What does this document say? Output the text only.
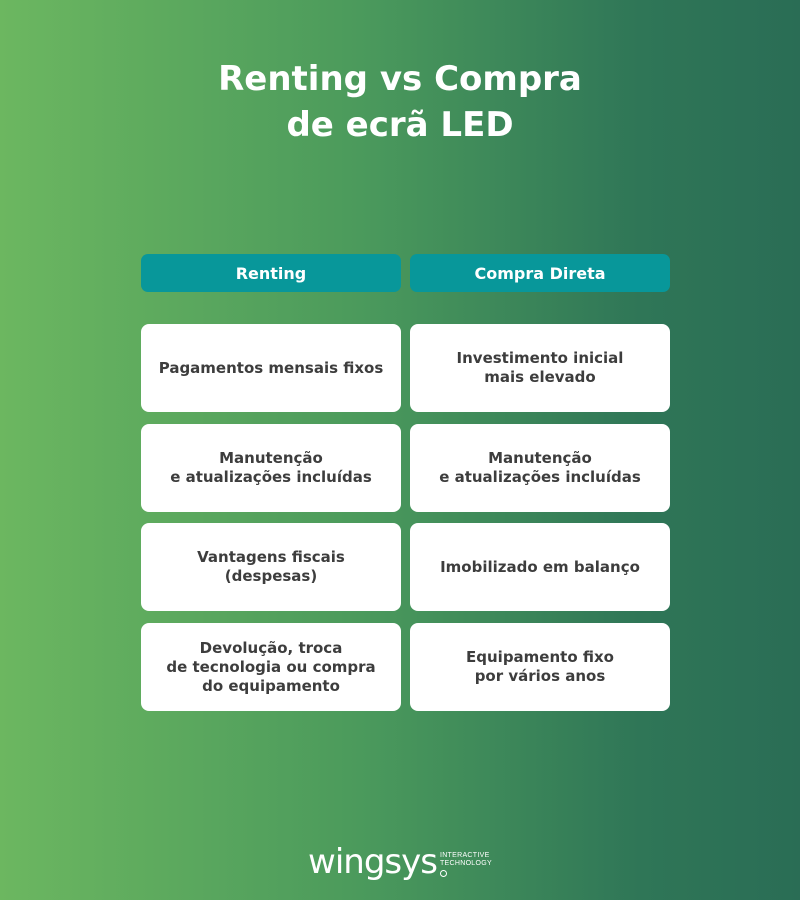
Renting vs Compra
de ecrã LED
Renting	Compra Direta
Pagamentos mensais fixos
Investimento inicial
mais elevado
Manutenção
e atualizações incluídas
Manutenção
e atualizações incluídas
Vantagens fiscais
(despesas)
Imobilizado em balanço
Devolução, troca
de tecnologia ou compra
do equipamento
Equipamento fixo
por vários anos
wingsys INTERACTIVE
TECHNOLOGY
